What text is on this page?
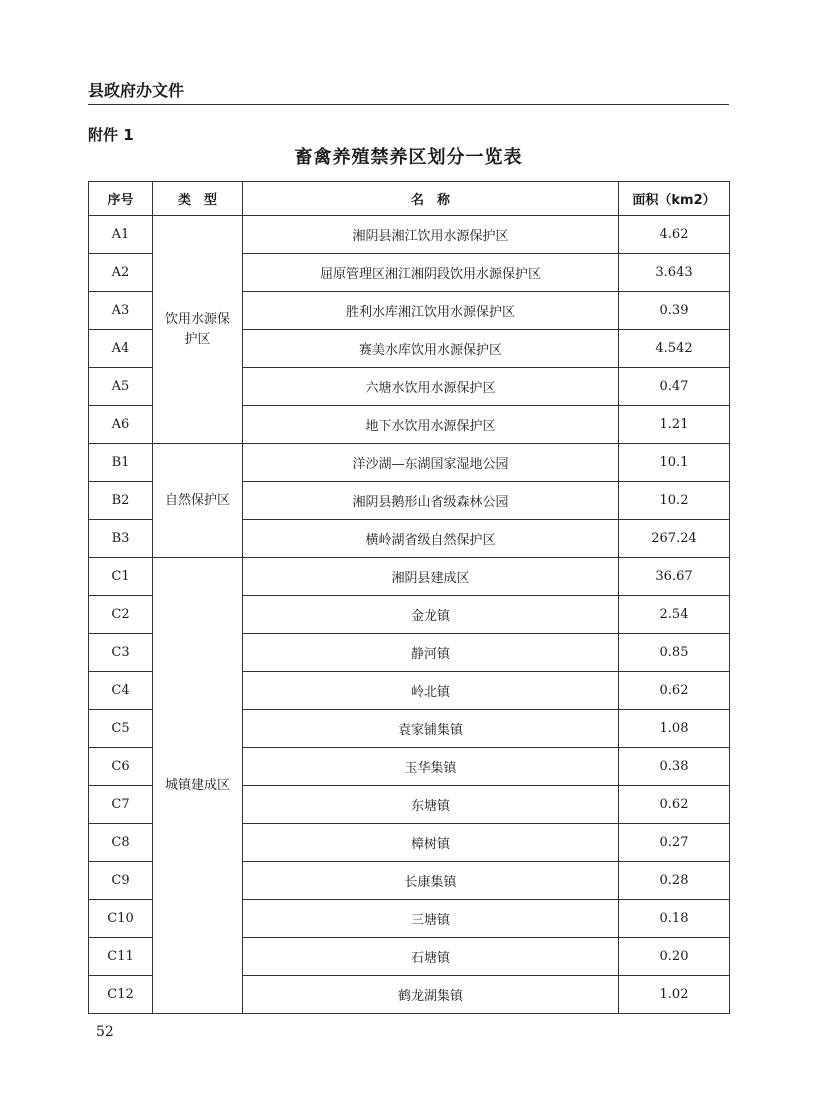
县政府办文件
附件 1
畜禽养殖禁养区划分一览表
序号	类　型	名　称	面积（km2）
A1	饮用水源保护区	湘阴县湘江饮用水源保护区	4.62
A2		屈原管理区湘江湘阴段饮用水源保护区	3.643
A3		胜利水库湘江饮用水源保护区	0.39
A4		赛美水库饮用水源保护区	4.542
A5		六塘水饮用水源保护区	0.47
A6		地下水饮用水源保护区	1.21
B1	自然保护区	洋沙湖—东湖国家湿地公园	10.1
B2		湘阴县鹅形山省级森林公园	10.2
B3		横岭湖省级自然保护区	267.24
C1	城镇建成区	湘阴县建成区	36.67
C2		金龙镇	2.54
C3		静河镇	0.85
C4		岭北镇	0.62
C5		袁家铺集镇	1.08
C6		玉华集镇	0.38
C7		东塘镇	0.62
C8		樟树镇	0.27
C9		长康集镇	0.28
C10		三塘镇	0.18
C11		石塘镇	0.20
C12		鹤龙湖集镇	1.02
52
